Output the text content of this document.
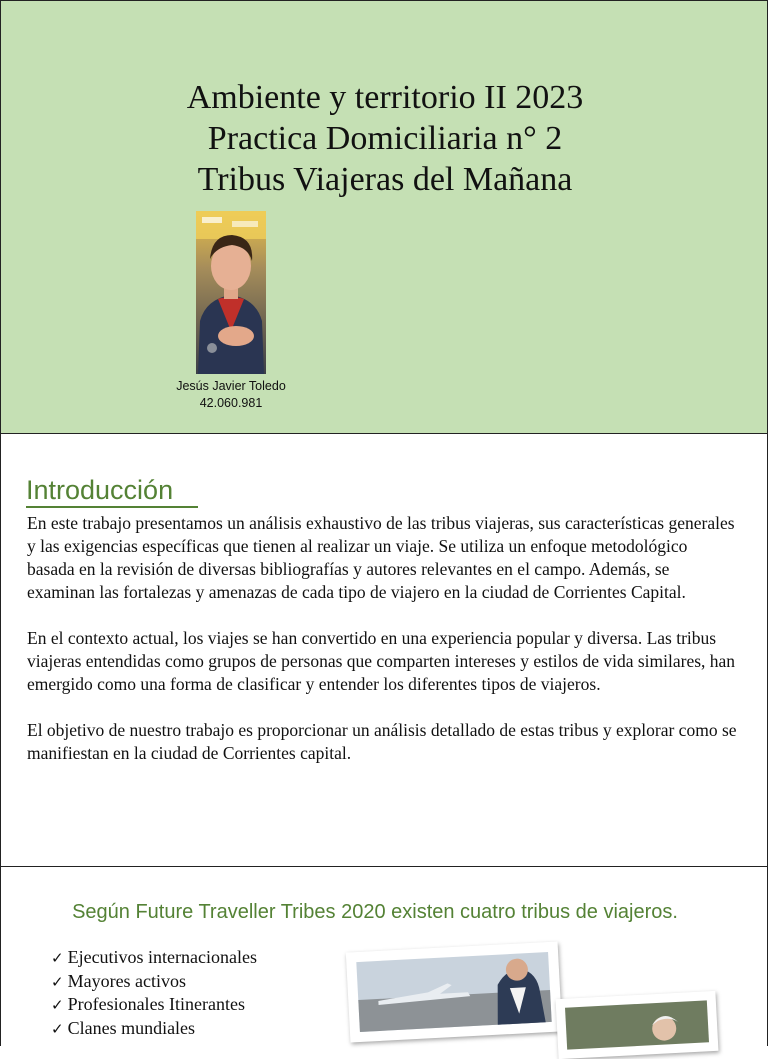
Ambiente y territorio II 2023
Practica Domiciliaria n° 2
Tribus Viajeras del Mañana
Jesús Javier Toledo
42.060.981
Introducción

En este trabajo presentamos un análisis exhaustivo de las tribus viajeras, sus características generales y las exigencias específicas que tienen al realizar un viaje. Se utiliza un enfoque metodológico basada en la revisión de diversas bibliografías y autores relevantes en el campo. Además, se examinan las fortalezas y amenazas de cada tipo de viajero en la ciudad de Corrientes Capital.

En el contexto actual, los viajes se han convertido en una experiencia popular y diversa. Las tribus viajeras entendidas como grupos de personas que comparten intereses y estilos de vida similares, han emergido como una forma de clasificar y entender los diferentes tipos de viajeros.

El objetivo de nuestro trabajo es proporcionar un análisis detallado de estas tribus y explorar como se manifiestan en la ciudad de Corrientes capital.

Según Future Traveller Tribes 2020 existen cuatro tribus de viajeros.
✓ Ejecutivos internacionales
✓ Mayores activos
✓ Profesionales Itinerantes
✓ Clanes mundiales
